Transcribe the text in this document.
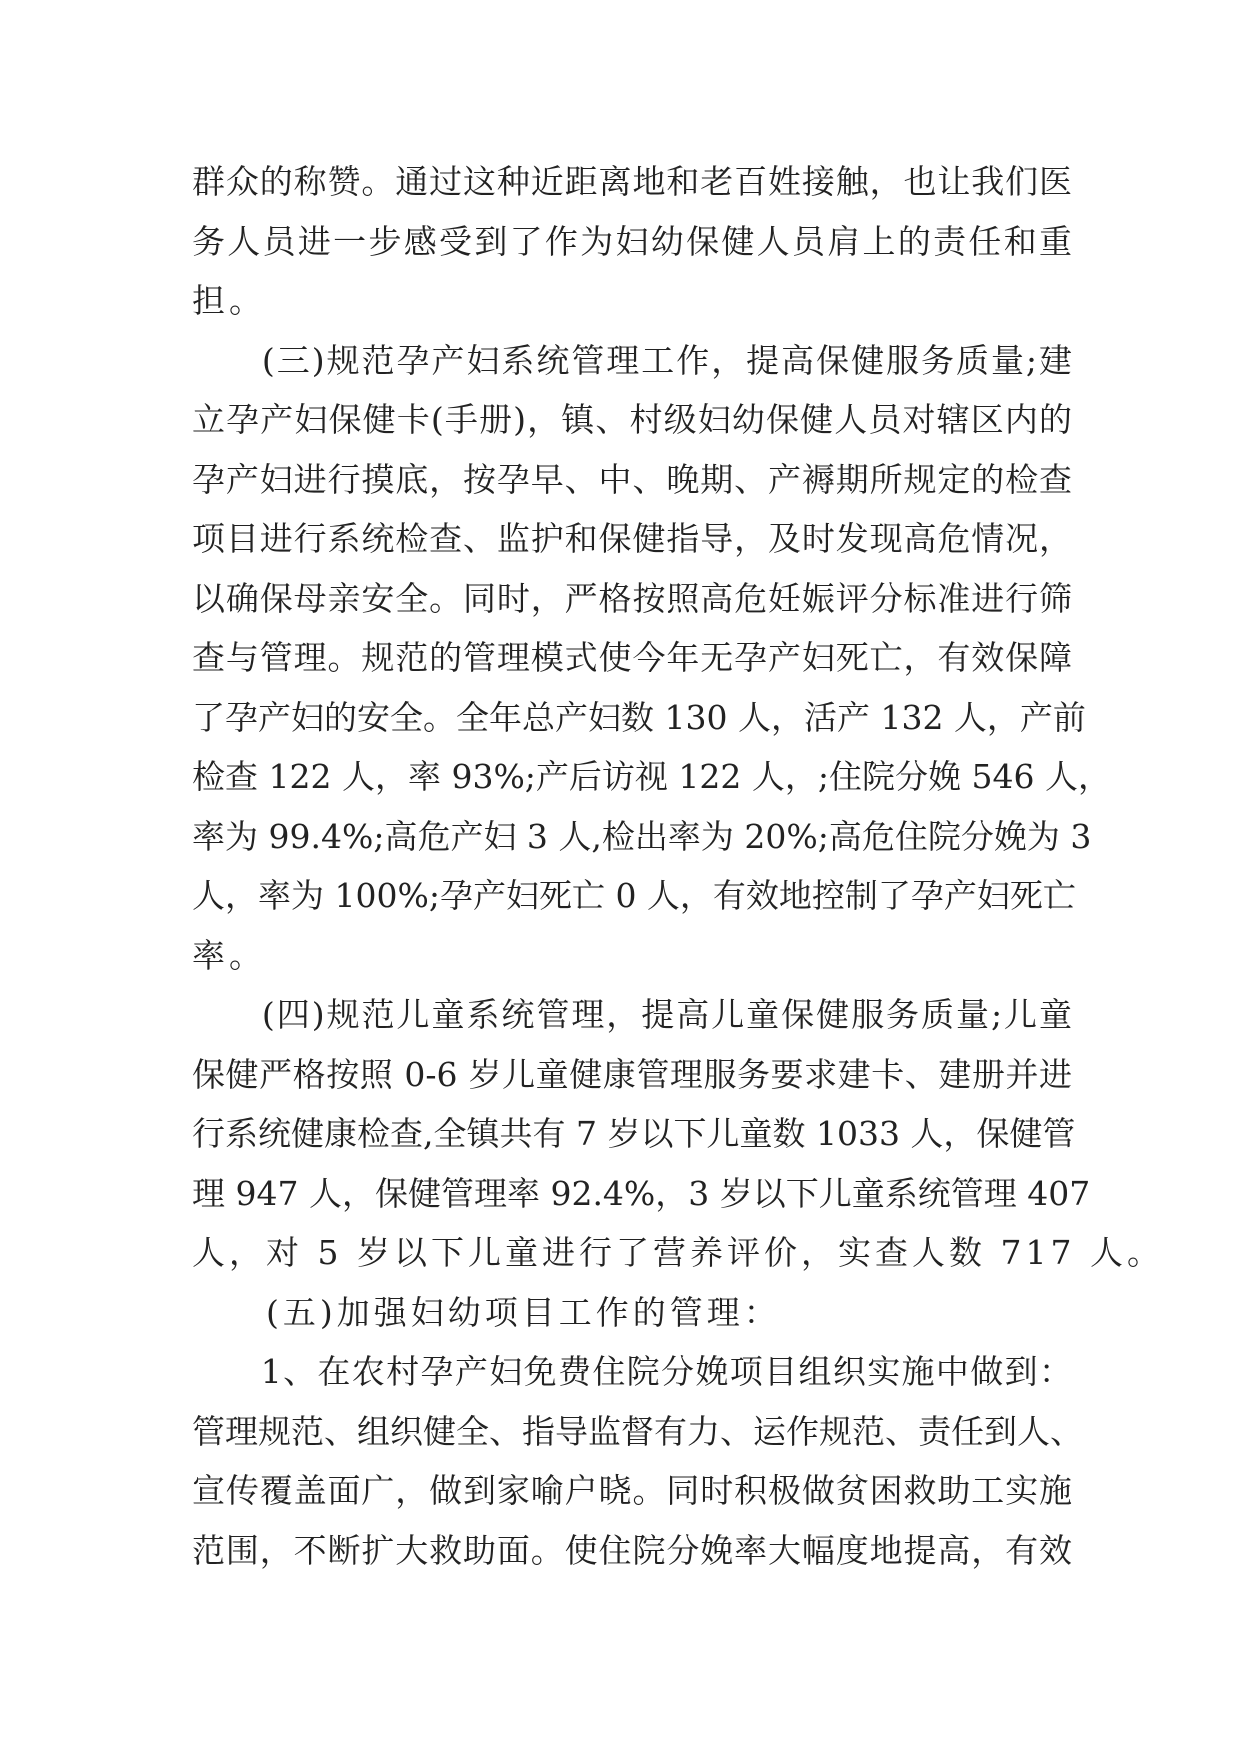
群众的称赞。通过这种近距离地和老百姓接触，也让我们医
务人员进一步感受到了作为妇幼保健人员肩上的责任和重
担。
　　(三)规范孕产妇系统管理工作，提高保健服务质量;建
立孕产妇保健卡(手册)，镇、村级妇幼保健人员对辖区内的
孕产妇进行摸底，按孕早、中、晚期、产褥期所规定的检查
项目进行系统检查、监护和保健指导，及时发现高危情况，
以确保母亲安全。同时，严格按照高危妊娠评分标准进行筛
查与管理。规范的管理模式使今年无孕产妇死亡，有效保障
了孕产妇的安全。全年总产妇数 130 人，活产 132 人，产前
检查 122 人，率 93%;产后访视 122 人，;住院分娩 546 人，
率为 99.4%;高危产妇 3 人,检出率为 20%;高危住院分娩为 3
人，率为 100%;孕产妇死亡 0 人，有效地控制了孕产妇死亡
率。
　　(四)规范儿童系统管理，提高儿童保健服务质量;儿童
保健严格按照 0-6 岁儿童健康管理服务要求建卡、建册并进
行系统健康检查,全镇共有 7 岁以下儿童数 1033 人，保健管
理 947 人，保健管理率 92.4%，3 岁以下儿童系统管理 407
人，对 5 岁以下儿童进行了营养评价，实查人数 717 人。
　　(五)加强妇幼项目工作的管理：
　　1、在农村孕产妇免费住院分娩项目组织实施中做到：
管理规范、组织健全、指导监督有力、运作规范、责任到人、
宣传覆盖面广，做到家喻户晓。同时积极做贫困救助工实施
范围，不断扩大救助面。使住院分娩率大幅度地提高，有效
